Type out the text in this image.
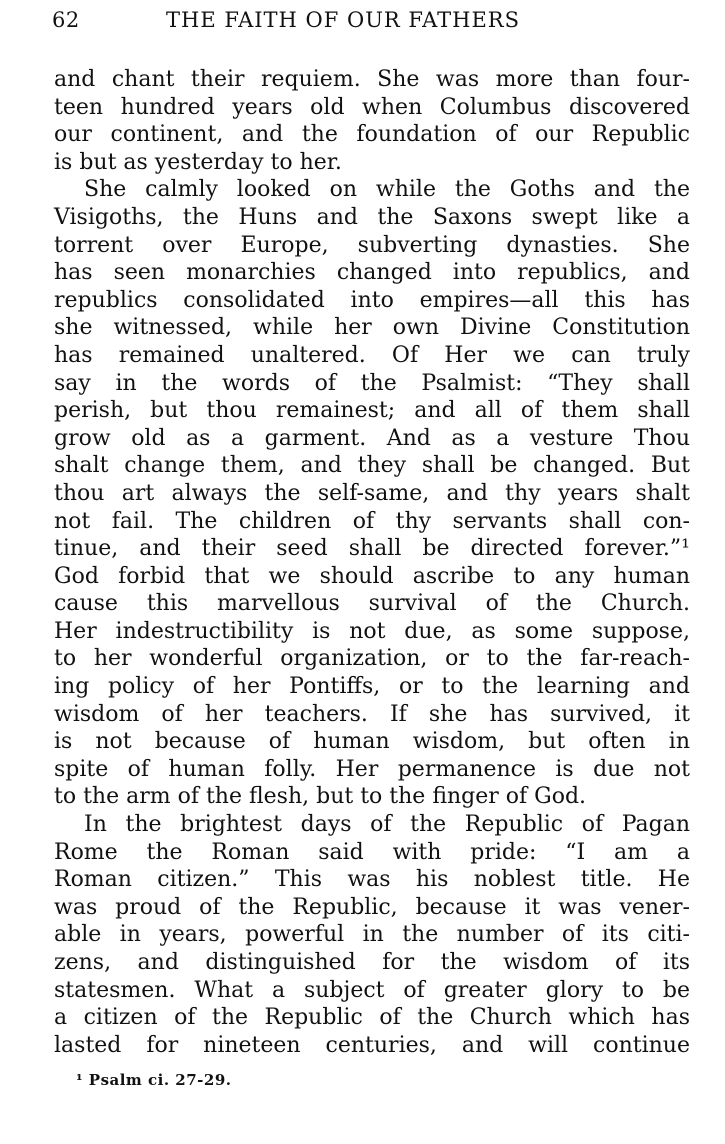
62	THE FAITH OF OUR FATHERS
and chant their requiem. She was more than four-
teen hundred years old when Columbus discovered
our continent, and the foundation of our Republic
is but as yesterday to her.
She calmly looked on while the Goths and the
Visigoths, the Huns and the Saxons swept like a
torrent over Europe, subverting dynasties. She
has seen monarchies changed into republics, and
republics consolidated into empires—all this has
she witnessed, while her own Divine Constitution
has remained unaltered. Of Her we can truly
say in the words of the Psalmist: “They shall
perish, but thou remainest; and all of them shall
grow old as a garment. And as a vesture Thou
shalt change them, and they shall be changed. But
thou art always the self-same, and thy years shalt
not fail. The children of thy servants shall con-
tinue, and their seed shall be directed forever.”¹
God forbid that we should ascribe to any human
cause this marvellous survival of the Church.
Her indestructibility is not due, as some suppose,
to her wonderful organization, or to the far-reach-
ing policy of her Pontiffs, or to the learning and
wisdom of her teachers. If she has survived, it
is not because of human wisdom, but often in
spite of human folly. Her permanence is due not
to the arm of the flesh, but to the finger of God.
In the brightest days of the Republic of Pagan
Rome the Roman said with pride: “I am a
Roman citizen.” This was his noblest title. He
was proud of the Republic, because it was vener-
able in years, powerful in the number of its citi-
zens, and distinguished for the wisdom of its
statesmen. What a subject of greater glory to be
a citizen of the Republic of the Church which has
lasted for nineteen centuries, and will continue
¹ Psalm ci. 27-29.
